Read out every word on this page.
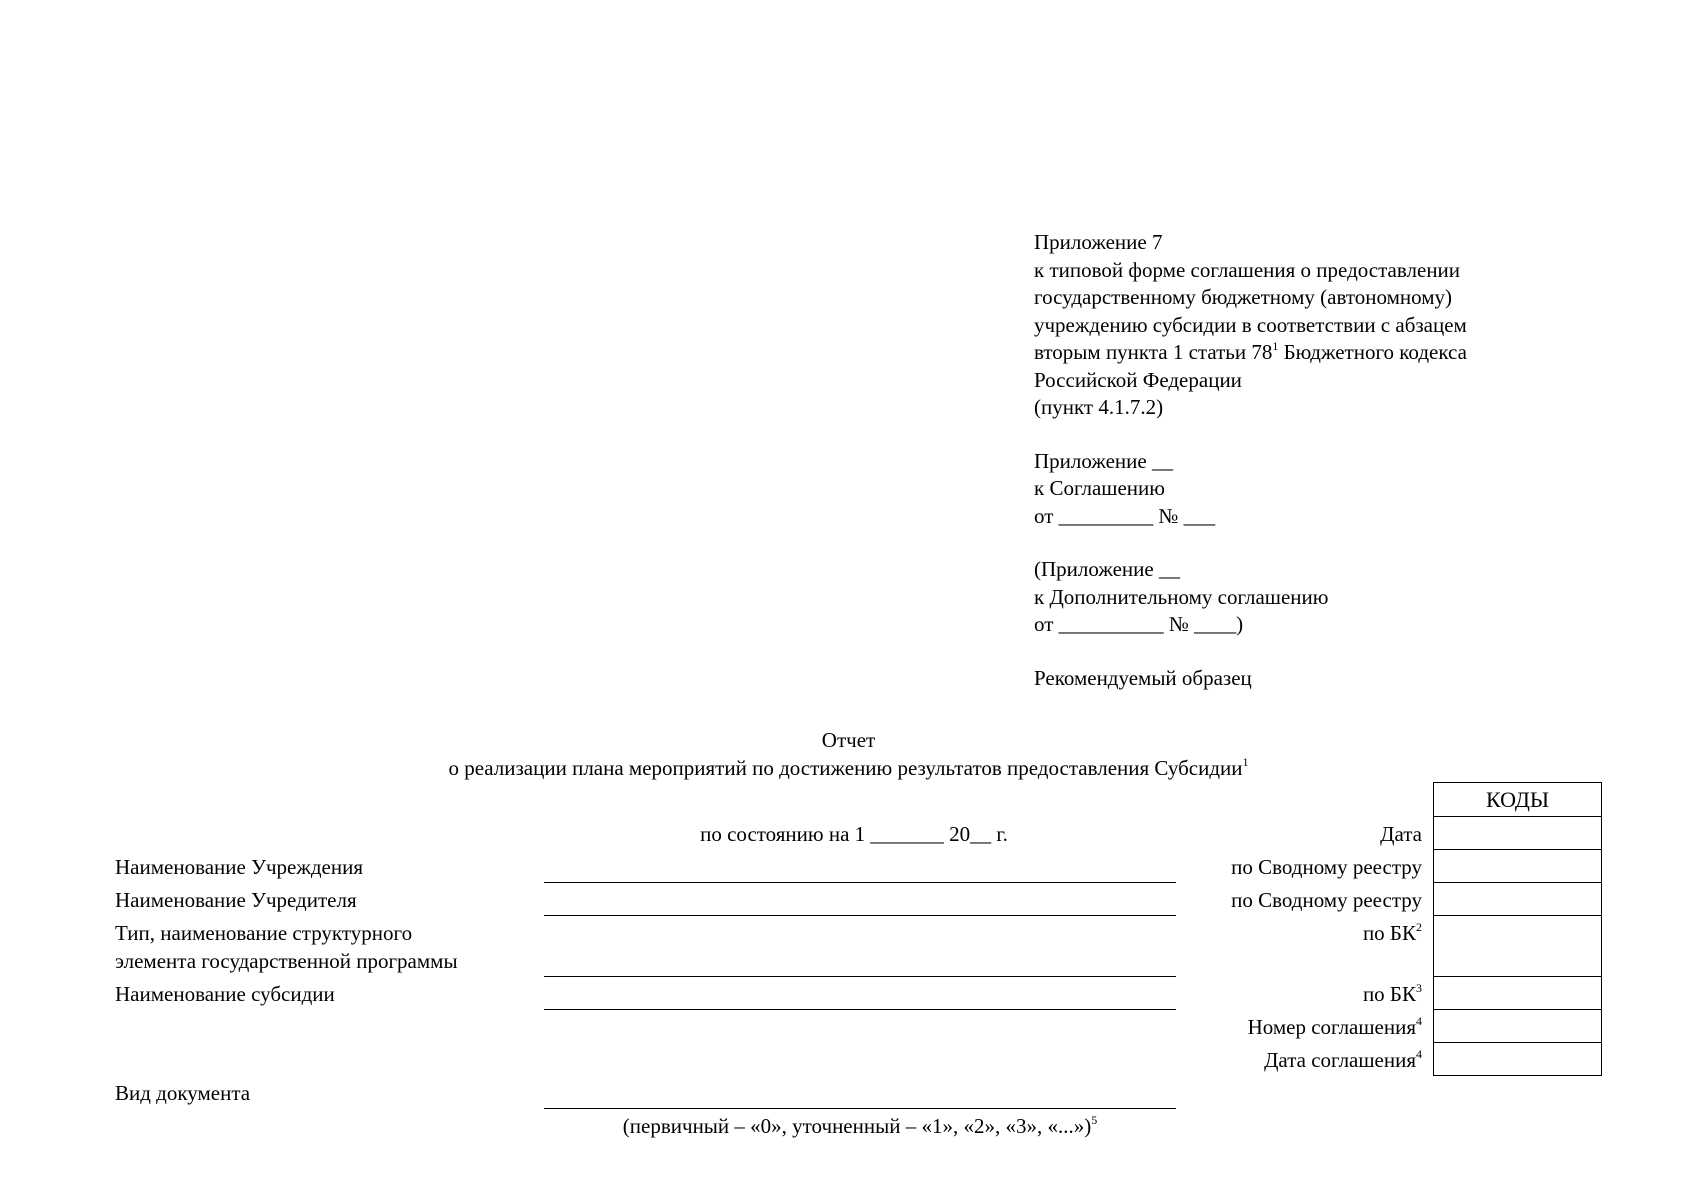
Приложение 7
к типовой форме соглашения о предоставлении
государственному бюджетному (автономному)
учреждению субсидии в соответствии с абзацем
вторым пункта 1 статьи $78^1$ Бюджетного кодекса
Российской Федерации
(пункт 4.1.7.2)
Приложение __
к Соглашению
от _________ № ___
(Приложение __
к Дополнительному соглашению
от __________ № ____)
Рекомендуемый образец
Отчет
о реализации плана мероприятий по достижению результатов предоставления Субсидии$^1$
по состоянию на 1 _______ 20__ г.
КОДЫ
Дата
по Сводному реестру
по Сводному реестру
по $БК^2$
по $БК^3$
Номер соглашения$^4$
Дата соглашения$^4$
Наименование Учреждения
Наименование Учредителя
Тип, наименование структурного
элемента государственной программы
Наименование субсидии
Вид документа
(первичный – «0», уточненный – «1», «2», «3», «...»)$^5$
